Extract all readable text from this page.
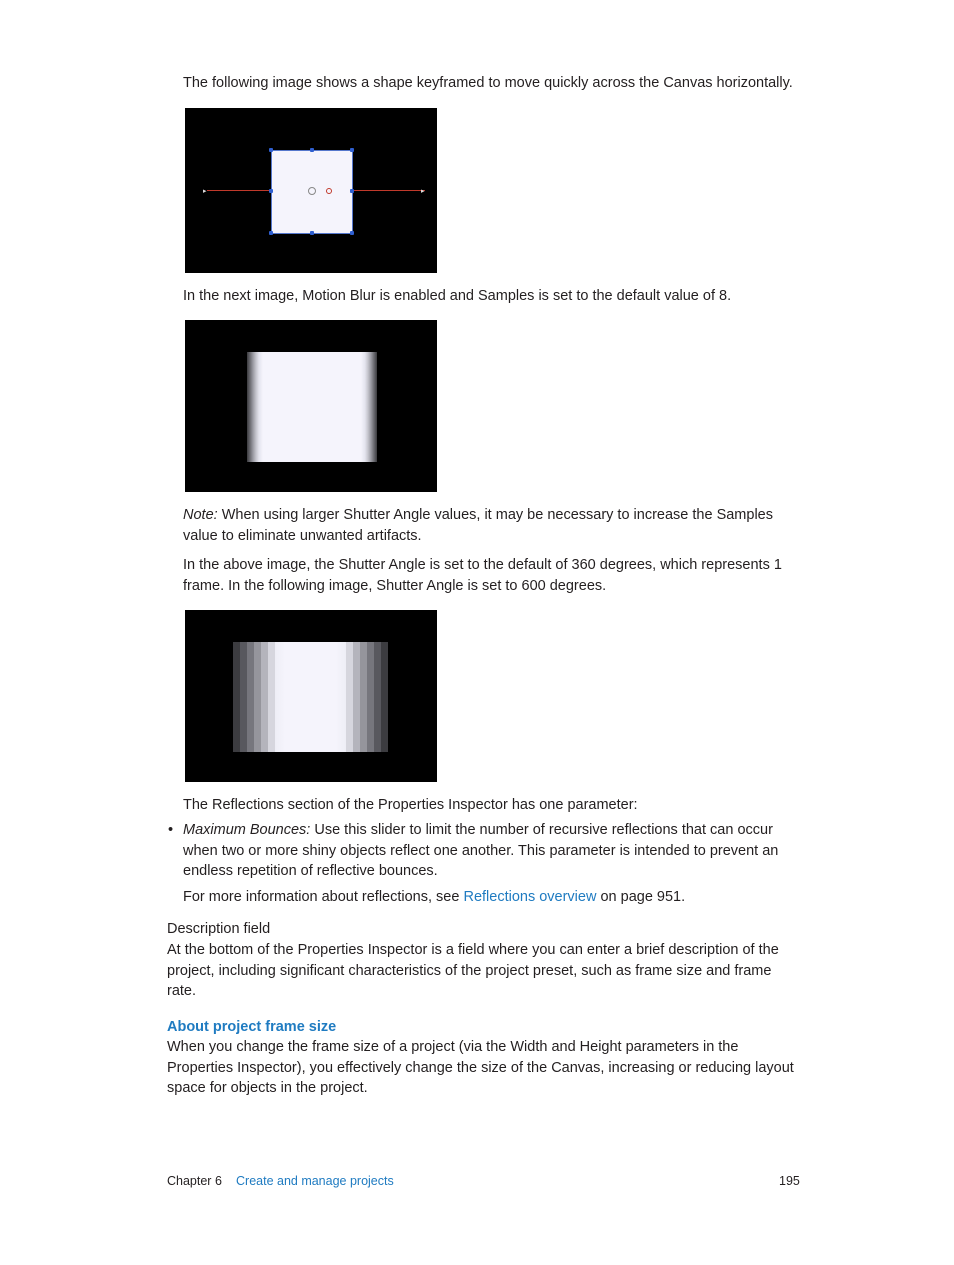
The following image shows a shape keyframed to move quickly across the Canvas horizontally.

▸	▸

In the next image, Motion Blur is enabled and Samples is set to the default value of 8.

Note: When using larger Shutter Angle values, it may be necessary to increase the Samples value to eliminate unwanted artifacts.

In the above image, the Shutter Angle is set to the default of 360 degrees, which represents 1 frame. In the following image, Shutter Angle is set to 600 degrees.

The Reflections section of the Properties Inspector has one parameter:

• Maximum Bounces: Use this slider to limit the number of recursive reflections that can occur when two or more shiny objects reflect one another. This parameter is intended to prevent an endless repetition of reflective bounces.

For more information about reflections, see Reflections overview on page 951.

Description field

At the bottom of the Properties Inspector is a field where you can enter a brief description of the project, including significant characteristics of the project preset, such as frame size and frame rate.

About project frame size

When you change the frame size of a project (via the Width and Height parameters in the Properties Inspector), you effectively change the size of the Canvas, increasing or reducing layout space for objects in the project.

Chapter 6 Create and manage projects	195
